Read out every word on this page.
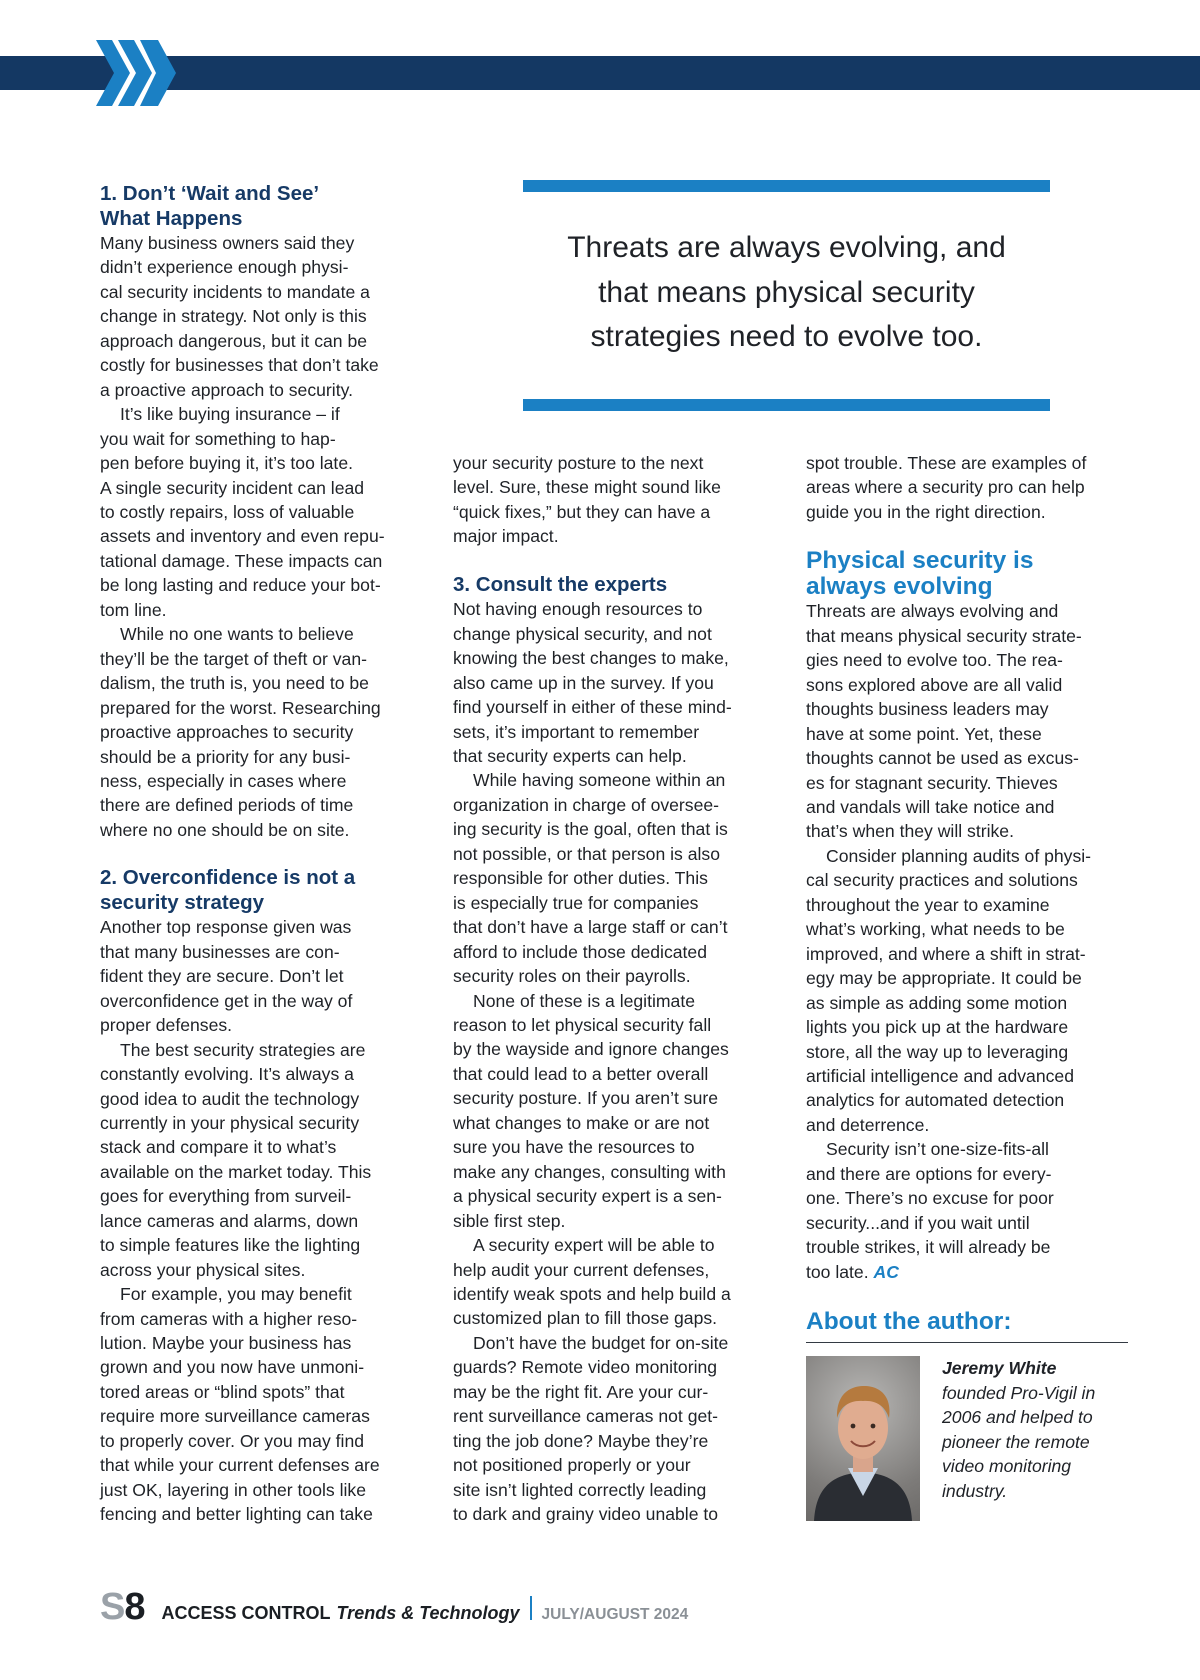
1. Don’t ‘Wait and See’
What Happens

Many business owners said they
didn’t experience enough physi-
cal security incidents to mandate a
change in strategy. Not only is this
approach dangerous, but it can be
costly for businesses that don’t take
a proactive approach to security.

It’s like buying insurance – if
you wait for something to hap-
pen before buying it, it’s too late.
A single security incident can lead
to costly repairs, loss of valuable
assets and inventory and even repu-
tational damage. These impacts can
be long lasting and reduce your bot-
tom line.

While no one wants to believe
they’ll be the target of theft or van-
dalism, the truth is, you need to be
prepared for the worst. Researching
proactive approaches to security
should be a priority for any busi-
ness, especially in cases where
there are defined periods of time
where no one should be on site.

2. Overconfidence is not a
security strategy

Another top response given was
that many businesses are con-
fident they are secure. Don’t let
overconfidence get in the way of
proper defenses.

The best security strategies are
constantly evolving. It’s always a
good idea to audit the technology
currently in your physical security
stack and compare it to what’s
available on the market today. This
goes for everything from surveil-
lance cameras and alarms, down
to simple features like the lighting
across your physical sites.

For example, you may benefit
from cameras with a higher reso-
lution. Maybe your business has
grown and you now have unmoni-
tored areas or “blind spots” that
require more surveillance cameras
to properly cover. Or you may find
that while your current defenses are
just OK, layering in other tools like
fencing and better lighting can take

Threats are always evolving, and
that means physical security
strategies need to evolve too.

your security posture to the next
level. Sure, these might sound like
“quick fixes,” but they can have a
major impact.

3. Consult the experts

Not having enough resources to
change physical security, and not
knowing the best changes to make,
also came up in the survey. If you
find yourself in either of these mind-
sets, it’s important to remember
that security experts can help.

While having someone within an
organization in charge of oversee-
ing security is the goal, often that is
not possible, or that person is also
responsible for other duties. This
is especially true for companies
that don’t have a large staff or can’t
afford to include those dedicated
security roles on their payrolls.

None of these is a legitimate
reason to let physical security fall
by the wayside and ignore changes
that could lead to a better overall
security posture. If you aren’t sure
what changes to make or are not
sure you have the resources to
make any changes, consulting with
a physical security expert is a sen-
sible first step.

A security expert will be able to
help audit your current defenses,
identify weak spots and help build a
customized plan to fill those gaps.

Don’t have the budget for on-site
guards? Remote video monitoring
may be the right fit. Are your cur-
rent surveillance cameras not get-
ting the job done? Maybe they’re
not positioned properly or your
site isn’t lighted correctly leading
to dark and grainy video unable to

spot trouble. These are examples of
areas where a security pro can help
guide you in the right direction.

Physical security is
always evolving

Threats are always evolving and
that means physical security strate-
gies need to evolve too. The rea-
sons explored above are all valid
thoughts business leaders may
have at some point. Yet, these
thoughts cannot be used as excus-
es for stagnant security. Thieves
and vandals will take notice and
that’s when they will strike.

Consider planning audits of physi-
cal security practices and solutions
throughout the year to examine
what’s working, what needs to be
improved, and where a shift in strat-
egy may be appropriate. It could be
as simple as adding some motion
lights you pick up at the hardware
store, all the way up to leveraging
artificial intelligence and advanced
analytics for automated detection
and deterrence.

Security isn’t one-size-fits-all
and there are options for every-
one. There’s no excuse for poor
security...and if you wait until
trouble strikes, it will already be
too late. AC

About the author:
Jeremy White
founded Pro-Vigil in
2006 and helped to
pioneer the remote
video monitoring
industry.
S 8 ACCESS CONTROL Trends & Technology JULY/AUGUST 2024
